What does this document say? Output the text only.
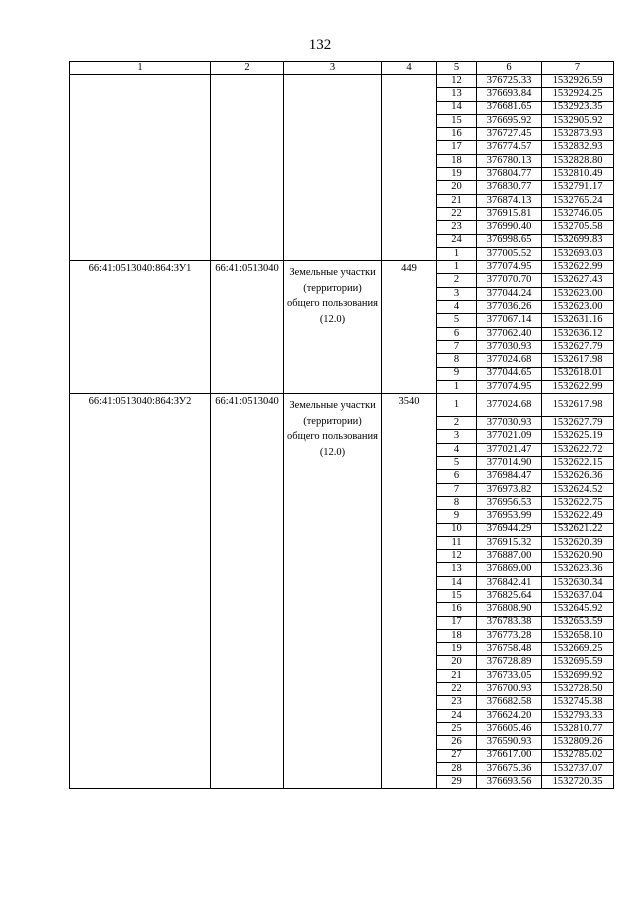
132
1	2	3	4	5	6	7
				12	376725.33	1532926.59
				13	376693.84	1532924.25
				14	376681.65	1532923.35
				15	376695.92	1532905.92
				16	376727.45	1532873.93
				17	376774.57	1532832.93
				18	376780.13	1532828.80
				19	376804.77	1532810.49
				20	376830.77	1532791.17
				21	376874.13	1532765.24
				22	376915.81	1532746.05
				23	376990.40	1532705.58
				24	376998.65	1532699.83
				1	377005.52	1532693.03
66:41:0513040:864:ЗУ1	66:41:0513040	Земельные участки (территории) общего пользования (12.0)	449	1	377074.95	1532622.99
				2	377070.70	1532627.43
				3	377044.24	1532623.00
				4	377036.26	1532623.00
				5	377067.14	1532631.16
				6	377062.40	1532636.12
				7	377030.93	1532627.79
				8	377024.68	1532617.98
				9	377044.65	1532618.01
				1	377074.95	1532622.99
66:41:0513040:864:ЗУ2	66:41:0513040	Земельные участки (территории) общего пользования (12.0)	3540	1	377024.68	1532617.98
				2	377030.93	1532627.79
				3	377021.09	1532625.19
				4	377021.47	1532622.72
				5	377014.90	1532622.15
				6	376984.47	1532626.36
				7	376973.82	1532624.52
				8	376956.53	1532622.75
				9	376953.99	1532622.49
				10	376944.29	1532621.22
				11	376915.32	1532620.39
				12	376887.00	1532620.90
				13	376869.00	1532623.36
				14	376842.41	1532630.34
				15	376825.64	1532637.04
				16	376808.90	1532645.92
				17	376783.38	1532653.59
				18	376773.28	1532658.10
				19	376758.48	1532669.25
				20	376728.89	1532695.59
				21	376733.05	1532699.92
				22	376700.93	1532728.50
				23	376682.58	1532745.38
				24	376624.20	1532793.33
				25	376605.46	1532810.77
				26	376590.93	1532809.26
				27	376617.00	1532785.02
				28	376675.36	1532737.07
				29	376693.56	1532720.35
